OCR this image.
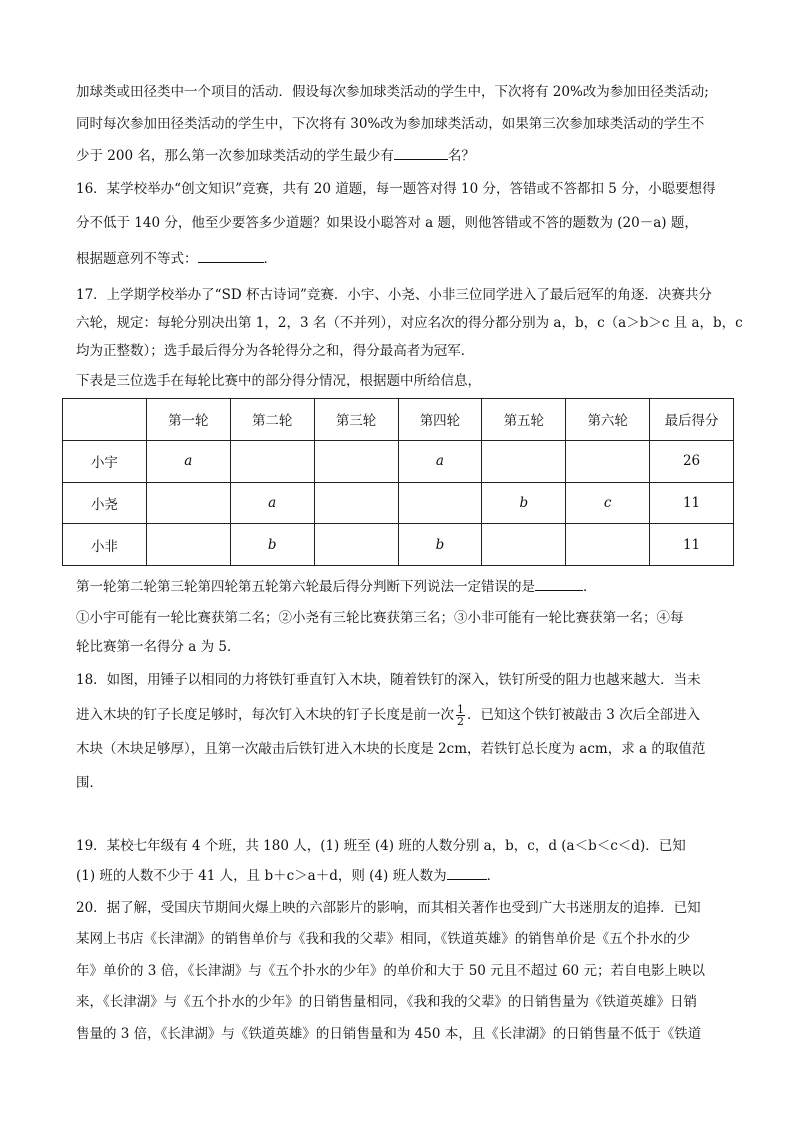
加球类或田径类中一个项目的活动．假设每次参加球类活动的学生中，下次将有 20%改为参加田径类活动;
同时每次参加田径类活动的学生中，下次将有 30%改为参加球类活动，如果第三次参加球类活动的学生不
少于 200 名，那么第一次参加球类活动的学生最少有	名？
16．某学校举办“创文知识”竞赛，共有 20 道题，每一题答对得 10 分，答错或不答都扣 5 分，小聪要想得
分不低于 140 分，他至少要答多少道题？如果设小聪答对 a 题，则他答错或不答的题数为 (20－a) 题，
根据题意列不等式：	．
17．上学期学校举办了“SD 杯古诗词”竞赛．小宇、小尧、小非三位同学进入了最后冠军的角逐．决赛共分
六轮，规定：每轮分别决出第 1，2，3 名（不并列），对应名次的得分都分别为 a，b，c（a＞b＞c 且 a，b，c
均为正整数）；选手最后得分为各轮得分之和，得分最高者为冠军．
下表是三位选手在每轮比赛中的部分得分情况，根据题中所给信息，
	第一轮	第二轮	第三轮	第四轮	第五轮	第六轮	最后得分
小宇	a			a			26
小尧		a			b	c	11
小非		b		b			11
第一轮第二轮第三轮第四轮第五轮第六轮最后得分判断下列说法一定错误的是	．
①小宇可能有一轮比赛获第二名；②小尧有三轮比赛获第三名；③小非可能有一轮比赛获第一名；④每
轮比赛第一名得分 a 为 5．
18．如图，用锤子以相同的力将铁钉垂直钉入木块，随着铁钉的深入，铁钉所受的阻力也越来越大．当未
进入木块的钉子长度足够时，每次钉入木块的钉子长度是前一次 $\frac{1}{2}$ ．已知这个铁钉被敲击 3 次后全部进入
木块（木块足够厚），且第一次敲击后铁钉进入木块的长度是 2cm，若铁钉总长度为 acm，求 a 的取值范
围．
19．某校七年级有 4 个班，共 180 人，(1) 班至 (4) 班的人数分别 a，b，c，d (a＜b＜c＜d)．已知
(1) 班的人数不少于 41 人，且 b＋c＞a＋d，则 (4) 班人数为	．
20．据了解，受国庆节期间火爆上映的六部影片的影响，而其相关著作也受到广大书迷朋友的追捧．已知
某网上书店《长津湖》的销售单价与《我和我的父辈》相同，《铁道英雄》的销售单价是《五个扑水的少
年》单价的 3 倍，《长津湖》与《五个扑水的少年》的单价和大于 50 元且不超过 60 元；若自电影上映以
来，《长津湖》与《五个扑水的少年》的日销售量相同，《我和我的父辈》的日销售量为《铁道英雄》日销
售量的 3 倍，《长津湖》与《铁道英雄》的日销售量和为 450 本，且《长津湖》的日销售量不低于《铁道
